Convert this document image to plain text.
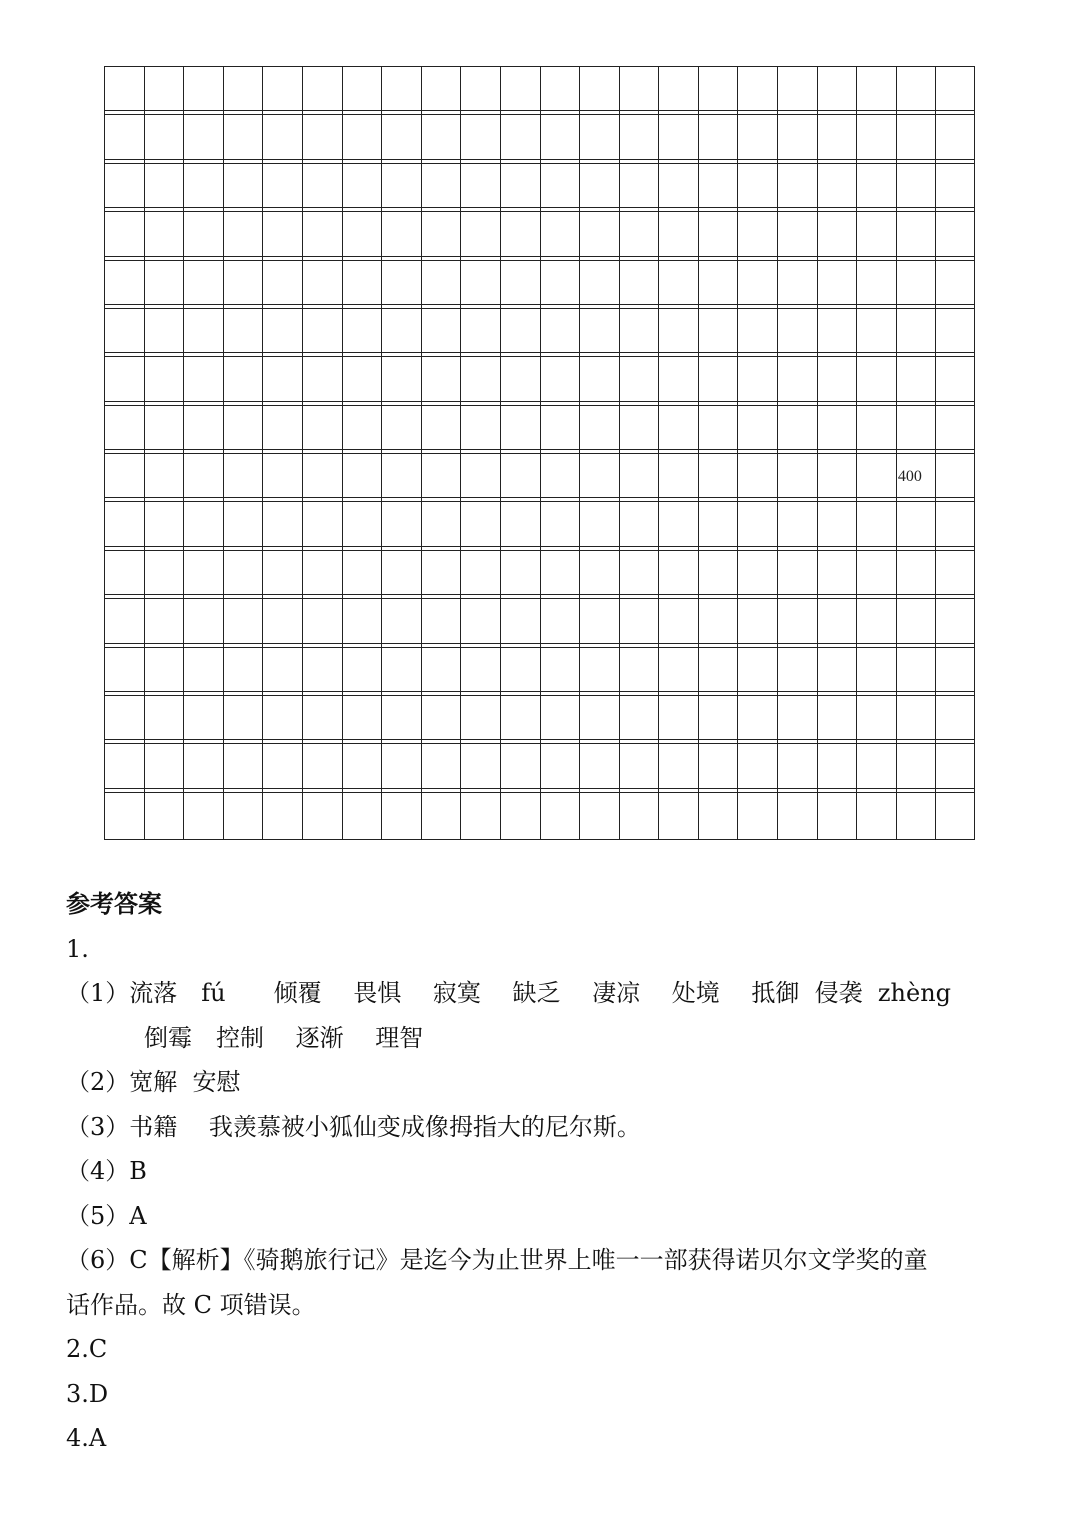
400
参考答案
1.
（1）流落　fú　　倾覆　 畏惧　 寂寞　 缺乏　 凄凉　 处境　 抵御  侵袭  zhèng
倒霉　控制　 逐渐　 理智
（2）宽解  安慰
（3）书籍　 我羡慕被小狐仙变成像拇指大的尼尔斯。
（4）B
（5）A
（6）C【解析】《骑鹅旅行记》是迄今为止世界上唯一一部获得诺贝尔文学奖的童
话作品。故 C 项错误。
2.C
3.D
4.A
